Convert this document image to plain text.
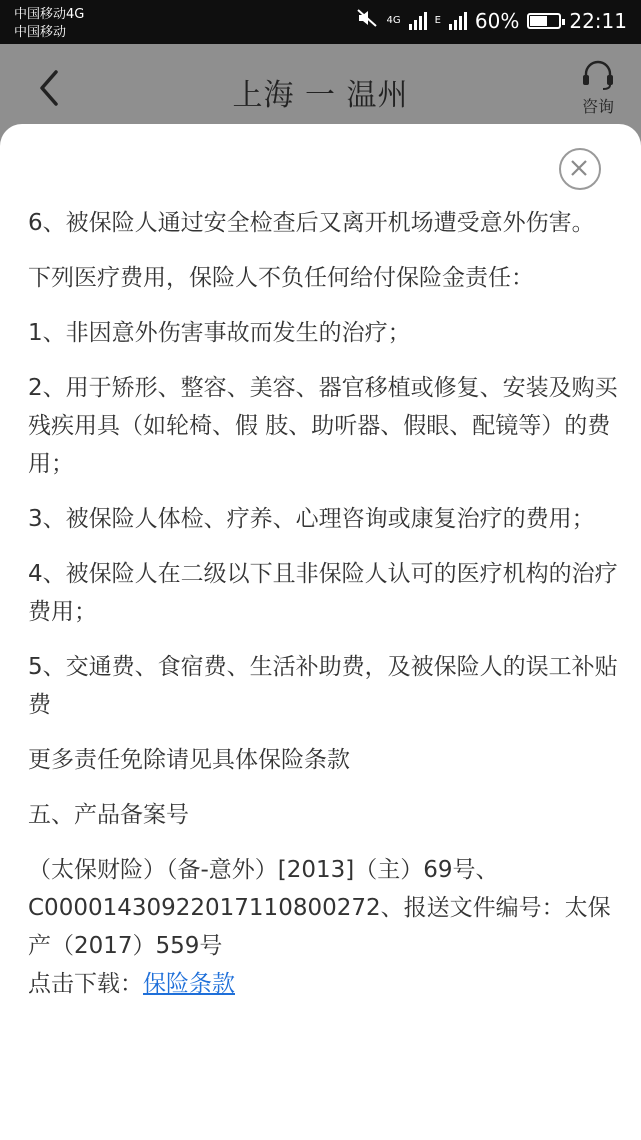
中国移动4G
中国移动
4G	E 60%	22:11
上海 一 温州	咨询

6、被保险人通过安全检查后又离开机场遭受意外伤害。

下列医疗费用，保险人不负任何给付保险金责任：

1、非因意外伤害事故而发生的治疗；

2、用于矫形、整容、美容、器官移植或修复、安装及购买残疾用具（如轮椅、假 肢、助听器、假眼、配镜等）的费用；

3、被保险人体检、疗养、心理咨询或康复治疗的费用；

4、被保险人在二级以下且非保险人认可的医疗机构的治疗费用；

5、交通费、食宿费、生活补助费，及被保险人的误工补贴费

更多责任免除请见具体保险条款

五、产品备案号

（太保财险）（备-意外）[2013]（主）69号、C00001430922017110800272、报送文件编号：太保产（2017）559号

点击下载：保险条款
